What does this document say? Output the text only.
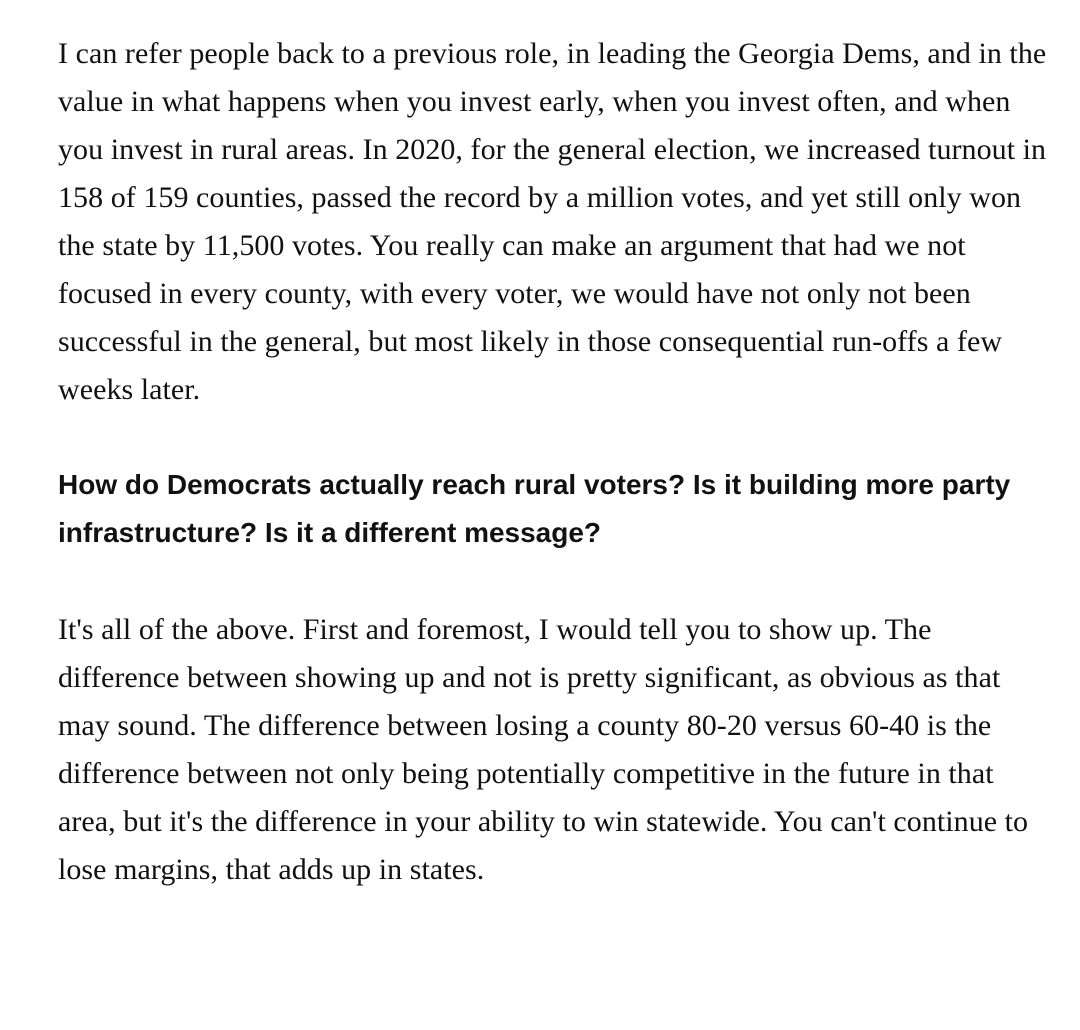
I can refer people back to a previous role, in leading the Georgia Dems, and in the value in what happens when you invest early, when you invest often, and when you invest in rural areas. In 2020, for the general election, we increased turnout in 158 of 159 counties, passed the record by a million votes, and yet still only won the state by 11,500 votes. You really can make an argument that had we not focused in every county, with every voter, we would have not only not been successful in the general, but most likely in those consequential run-offs a few weeks later.

How do Democrats actually reach rural voters? Is it building more party infrastructure? Is it a different message?

It's all of the above. First and foremost, I would tell you to show up. The difference between showing up and not is pretty significant, as obvious as that may sound. The difference between losing a county 80-20 versus 60-40 is the difference between not only being potentially competitive in the future in that area, but it's the difference in your ability to win statewide. You can't continue to lose margins, that adds up in states.
